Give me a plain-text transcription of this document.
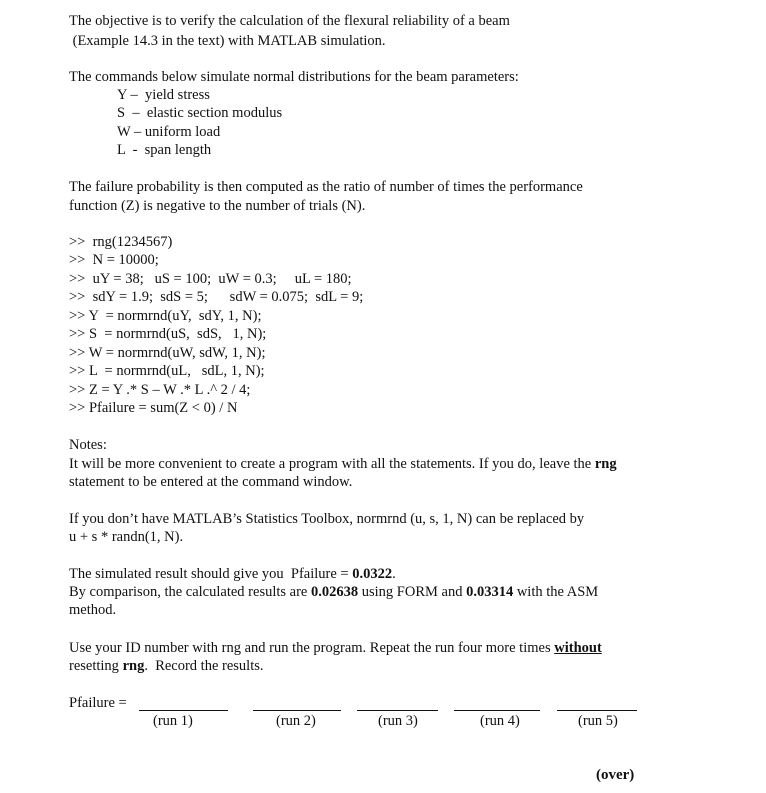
The objective is to verify the calculation of the flexural reliability of a beam
(Example 14.3 in the text) with MATLAB simulation.
The commands below simulate normal distributions for the beam parameters:
Y –  yield stress
S  –  elastic section modulus
W – uniform load
L  -  span length
The failure probability is then computed as the ratio of number of times the performance
function (Z) is negative to the number of trials (N).
>>  rng(1234567)
>>  N = 10000;
>>  uY = 38;   uS = 100;  uW = 0.3;     uL = 180;
>>  sdY = 1.9;  sdS = 5;      sdW = 0.075;  sdL = 9;
>> Y  = normrnd(uY,  sdY, 1, N);
>> S  = normrnd(uS,  sdS,   1, N);
>> W = normrnd(uW, sdW, 1, N);
>> L  = normrnd(uL,   sdL, 1, N);
>> Z = Y .* S – W .* L .^ 2 / 4;
>> Pfailure = sum(Z < 0) / N
Notes:
It will be more convenient to create a program with all the statements. If you do, leave the rng
statement to be entered at the command window.
If you don’t have MATLAB’s Statistics Toolbox, normrnd (u, s, 1, N) can be replaced by
u + s * randn(1, N).
The simulated result should give you  Pfailure = 0.0322.
By comparison, the calculated results are 0.02638 using FORM and 0.03314 with the ASM
method.
Use your ID number with rng and run the program. Repeat the run four more times without
resetting rng.  Record the results.
Pfailure =
(run 1)	(run 2)	(run 3)	(run 4)	(run 5)
(over)
